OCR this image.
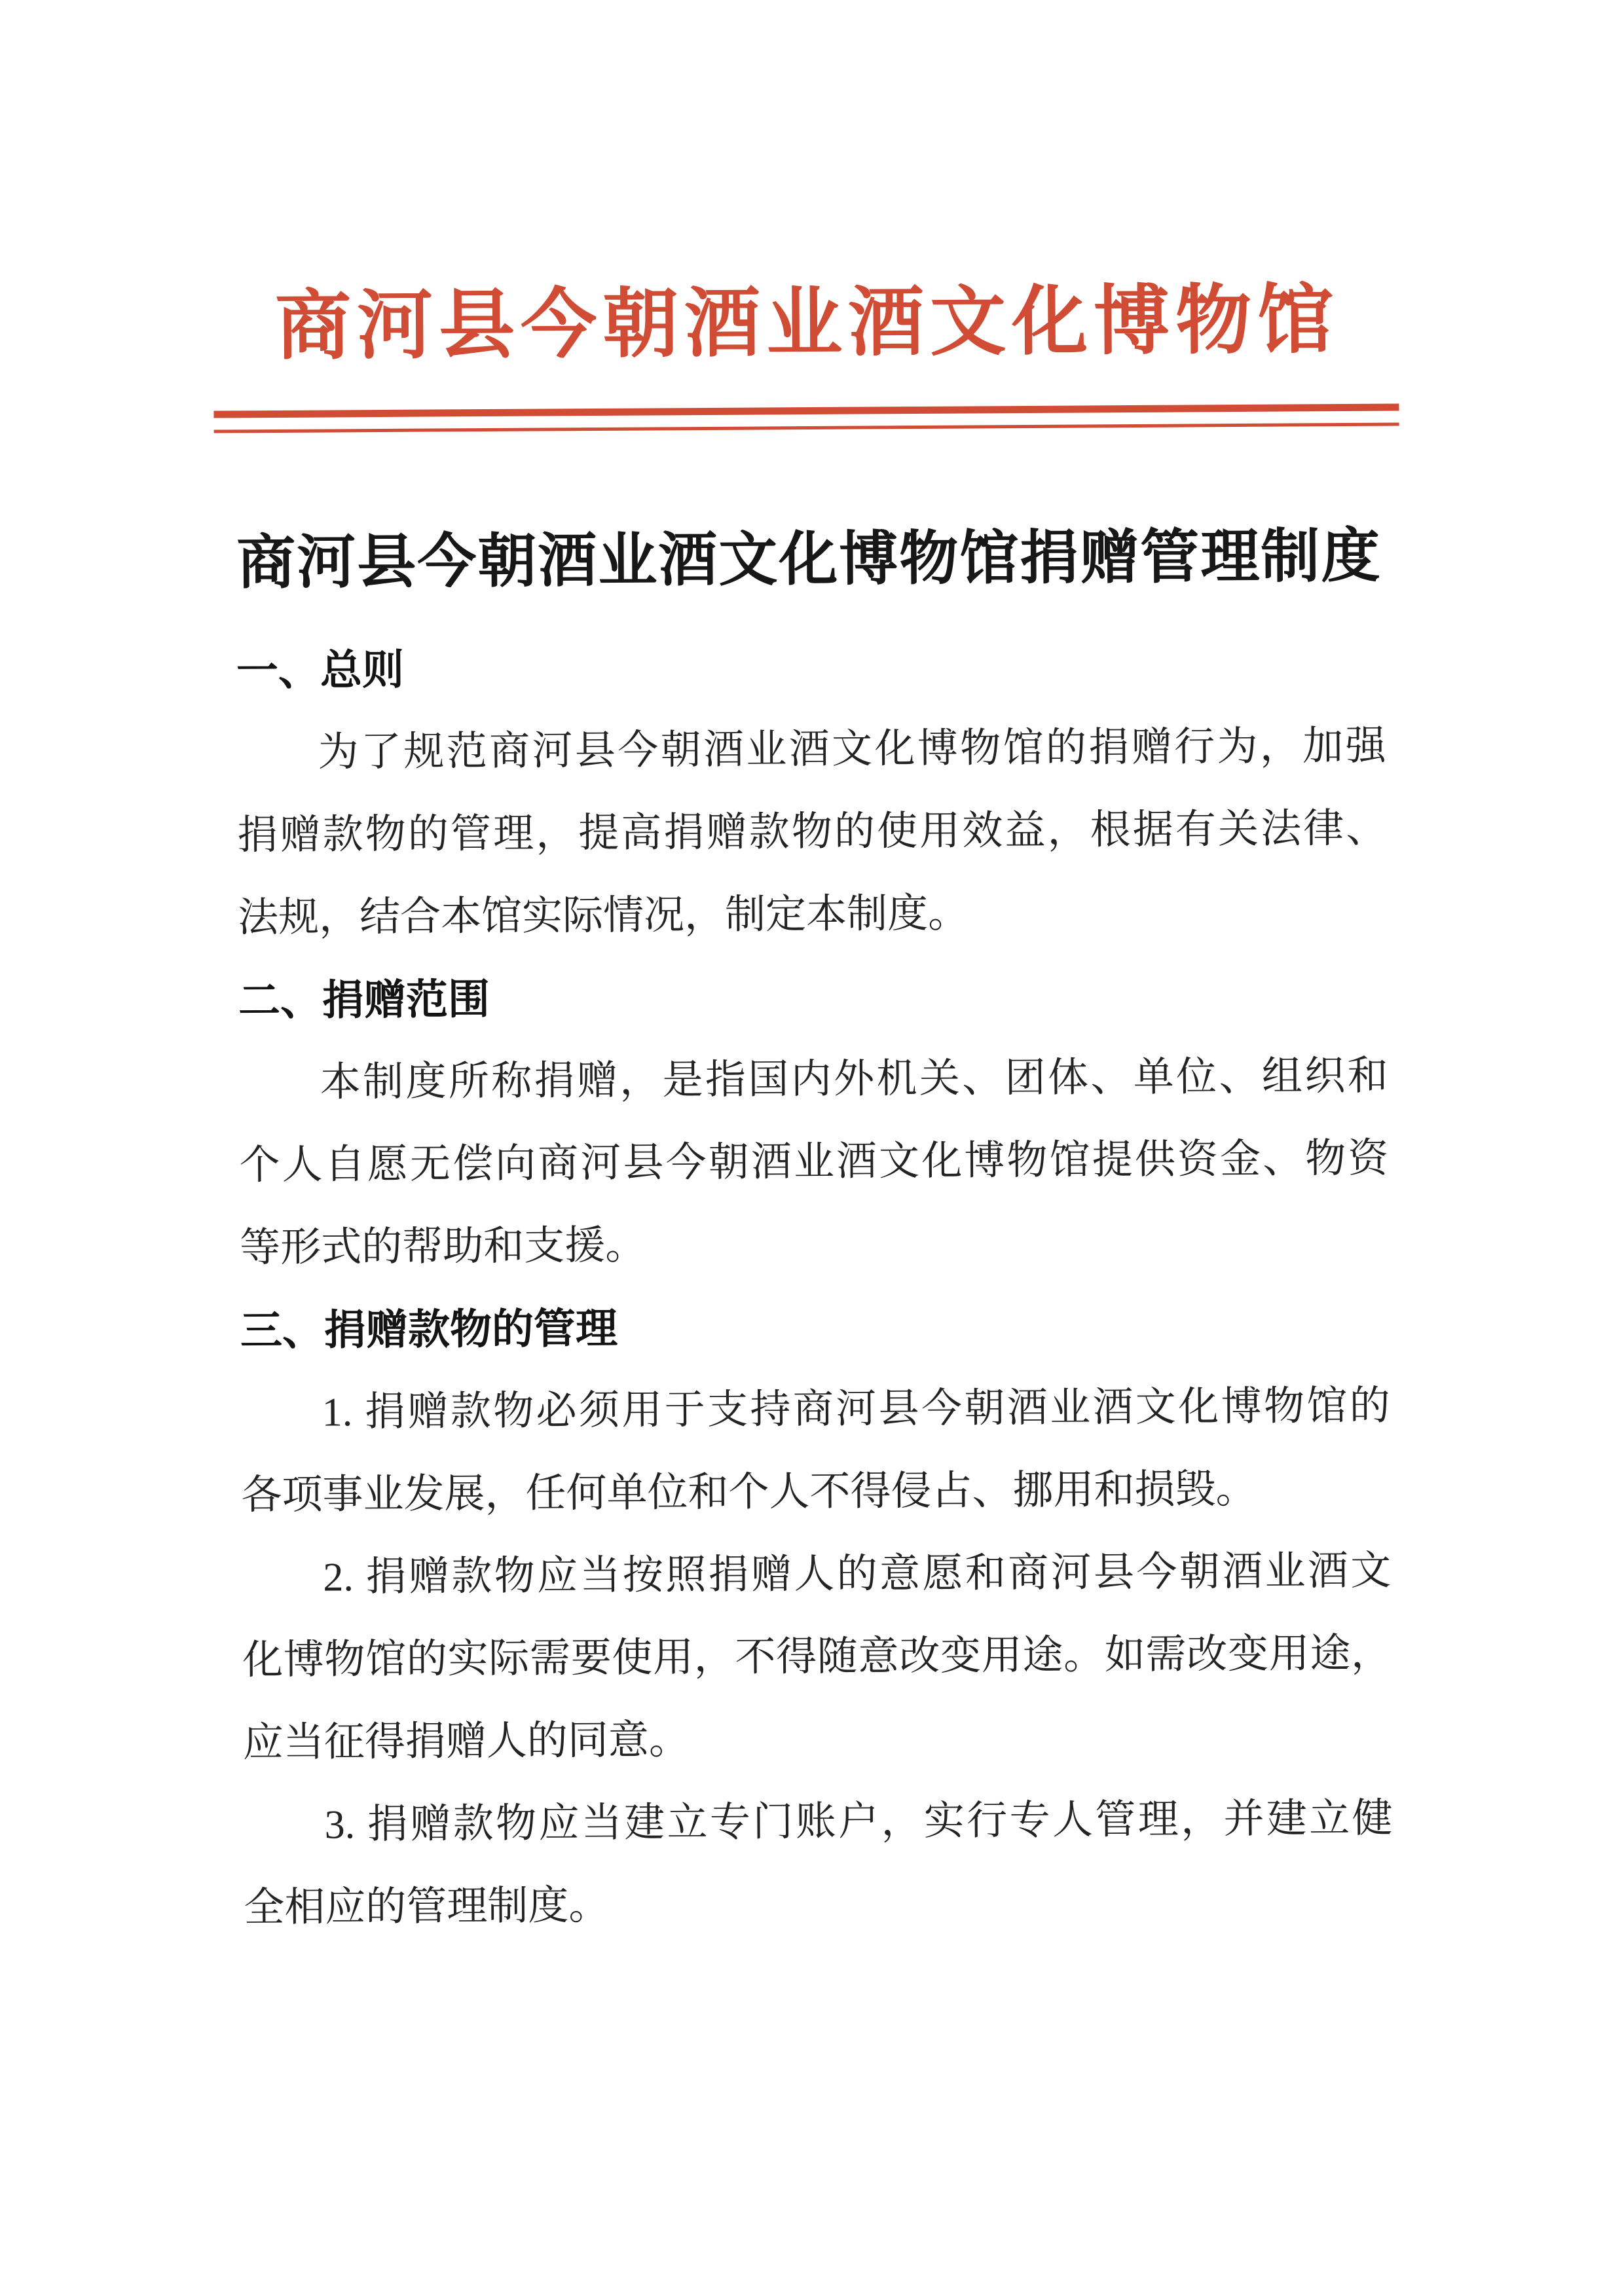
商河县今朝酒业酒文化博物馆
商河县今朝酒业酒文化博物馆捐赠管理制度
一、总则
为了规范商河县今朝酒业酒文化博物馆的捐赠行为，加强
捐赠款物的管理，提高捐赠款物的使用效益，根据有关法律、
法规，结合本馆实际情况，制定本制度。
二、捐赠范围
本制度所称捐赠，是指国内外机关、团体、单位、组织和
个人自愿无偿向商河县今朝酒业酒文化博物馆提供资金、物资
等形式的帮助和支援。
三、捐赠款物的管理
1. 捐赠款物必须用于支持商河县今朝酒业酒文化博物馆的
各项事业发展，任何单位和个人不得侵占、挪用和损毁。
2. 捐赠款物应当按照捐赠人的意愿和商河县今朝酒业酒文
化博物馆的实际需要使用，不得随意改变用途。如需改变用途，
应当征得捐赠人的同意。
3. 捐赠款物应当建立专门账户，实行专人管理，并建立健
全相应的管理制度。
